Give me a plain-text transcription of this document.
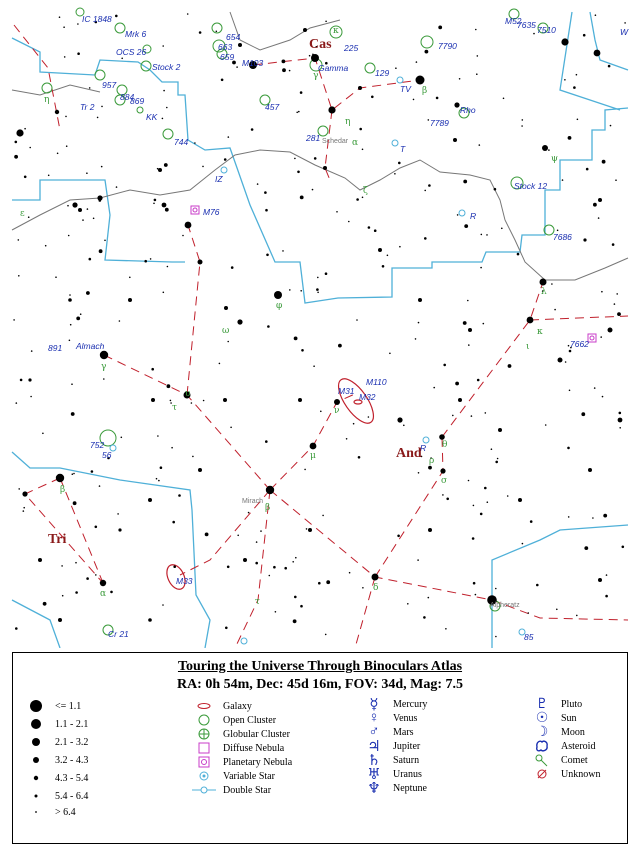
IC 1848
Mrk 6
OCS 26
Stock 2
957
869
884
Tr 2
KK
744
654
663
659
M103
225
Gamma	129
TV
7790
Rho
7789
457
281
T
M76
IZ
Stock 12
R
7686
891	7662
M31
M110
M32
752
56
R
M33
Cr 21	85
M52
7635 7510	W
Almach
Mirach
Schedar
Alpheratz
Cas
And
Tri
η
κ
γ
η
α
ζ
β
φ
ω
υ
τ	ν
μ
β
ρ
θ
σ
α
β
τ
δ
ι
κ
γ
λ
ψ
ε
Touring the Universe Through Binoculars Atlas
RA: 0h 54m, Dec: 45d 16m, FOV: 34d, Mag: 7.5
<= 1.1
1.1 - 2.1
2.1 - 3.2
3.2 - 4.3
4.3 - 5.4
5.4 - 6.4
> 6.4
Galaxy
Open Cluster
Globular Cluster
Diffuse Nebula
Planetary Nebula
Variable Star
Double Star
☿	Mercury
♀	Venus
♂	Mars
♃	Jupiter
♄	Saturn
♅	Uranus
♆	Neptune
♇	Pluto
☉	Sun
☽	Moon
Asteroid
Comet
Unknown
